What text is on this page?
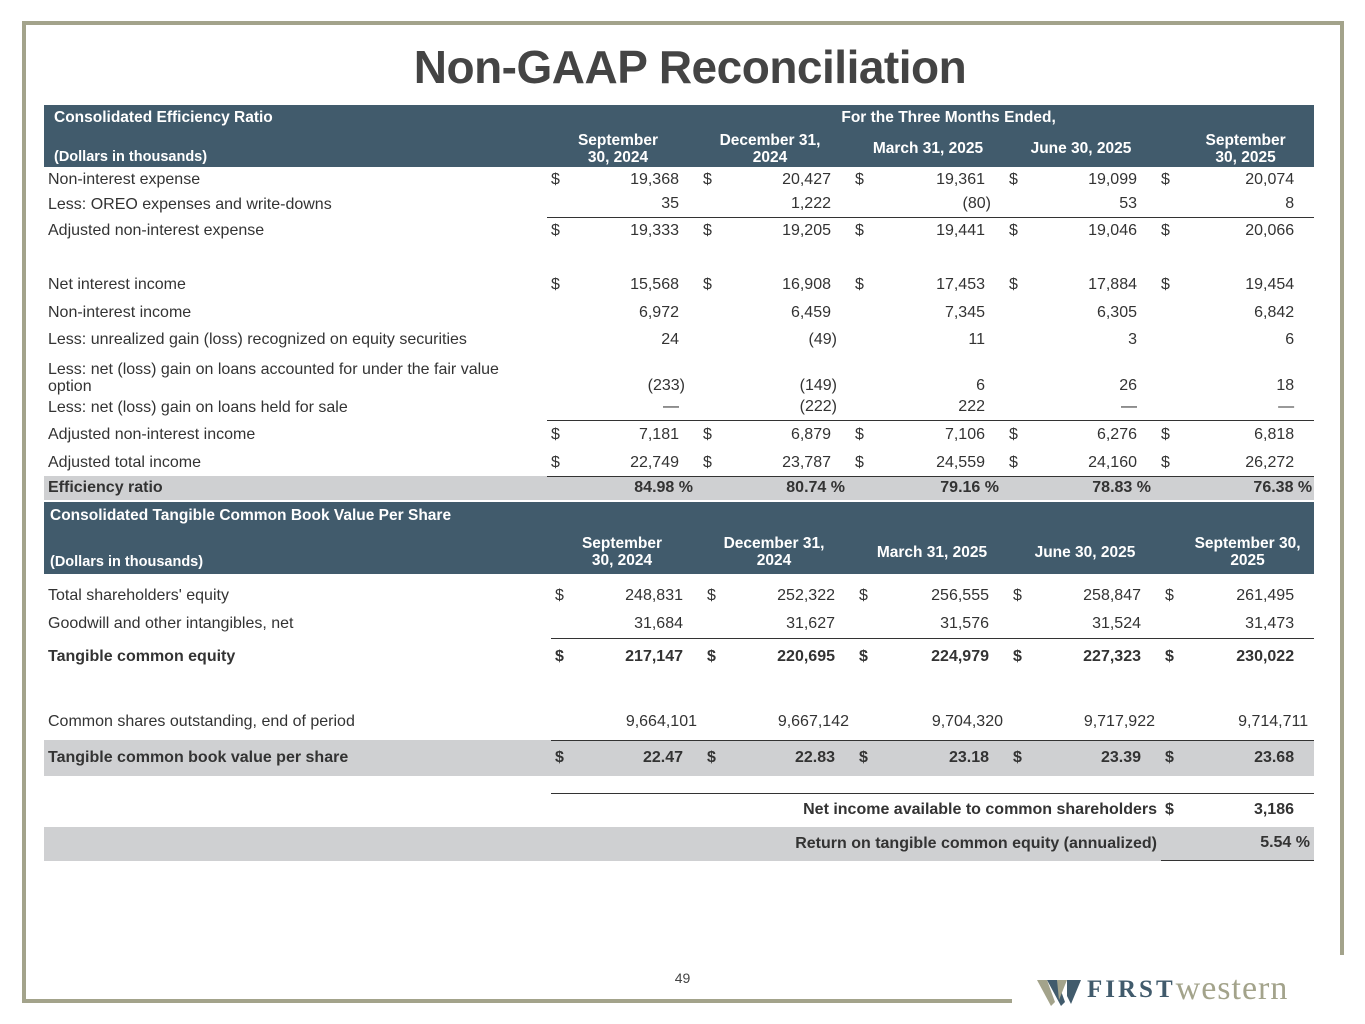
Non-GAAP Reconciliation
Consolidated Efficiency Ratio	For the Three Months Ended,									
(Dollars in thousands)	September 30, 2024		December 31, 2024		March 31, 2025		June 30, 2025		September 30, 2025	
Non-interest expense	$	19,368	$	20,427	$	19,361	$	19,099	$	20,074
Less: OREO expenses and write-downs		35		1,222		(80)		53		8
Adjusted non-interest expense	$	19,333	$	19,205	$	19,441	$	19,046	$	20,066

Net interest income	$	15,568	$	16,908	$	17,453	$	17,884	$	19,454
Non-interest income		6,972		6,459		7,345		6,305		6,842
Less: unrealized gain (loss) recognized on equity securities		24		(49)		11		3		6
Less: net (loss) gain on loans accounted for under the fair value option		(233)		(149)		6		26		18
Less: net (loss) gain on loans held for sale		—		(222)		222		—		—
Adjusted non-interest income	$	7,181	$	6,879	$	7,106	$	6,276	$	6,818
Adjusted total income	$	22,749	$	23,787	$	24,559	$	24,160	$	26,272
Efficiency ratio		84.98 %		80.74 %		79.16 %		78.83 %		76.38 %
Consolidated Tangible Common Book Value Per Share										
(Dollars in thousands)	September 30, 2024		December 31, 2024		March 31, 2025		June 30, 2025		September 30, 2025	

Total shareholders' equity	$	248,831	$	252,322	$	256,555	$	258,847	$	261,495
Goodwill and other intangibles, net		31,684		31,627		31,576		31,524		31,473
Tangible common equity	$	217,147	$	220,695	$	224,979	$	227,323	$	230,022

Common shares outstanding, end of period		9,664,101		9,667,142		9,704,320		9,717,922		9,714,711
Tangible common book value per share	$	22.47	$	22.83	$	23.18	$	23.39	$	23.68
	Net income available to common shareholders	$	3,186
	Return on tangible common equity (annualized)		5.54 %
49	FIRST western
